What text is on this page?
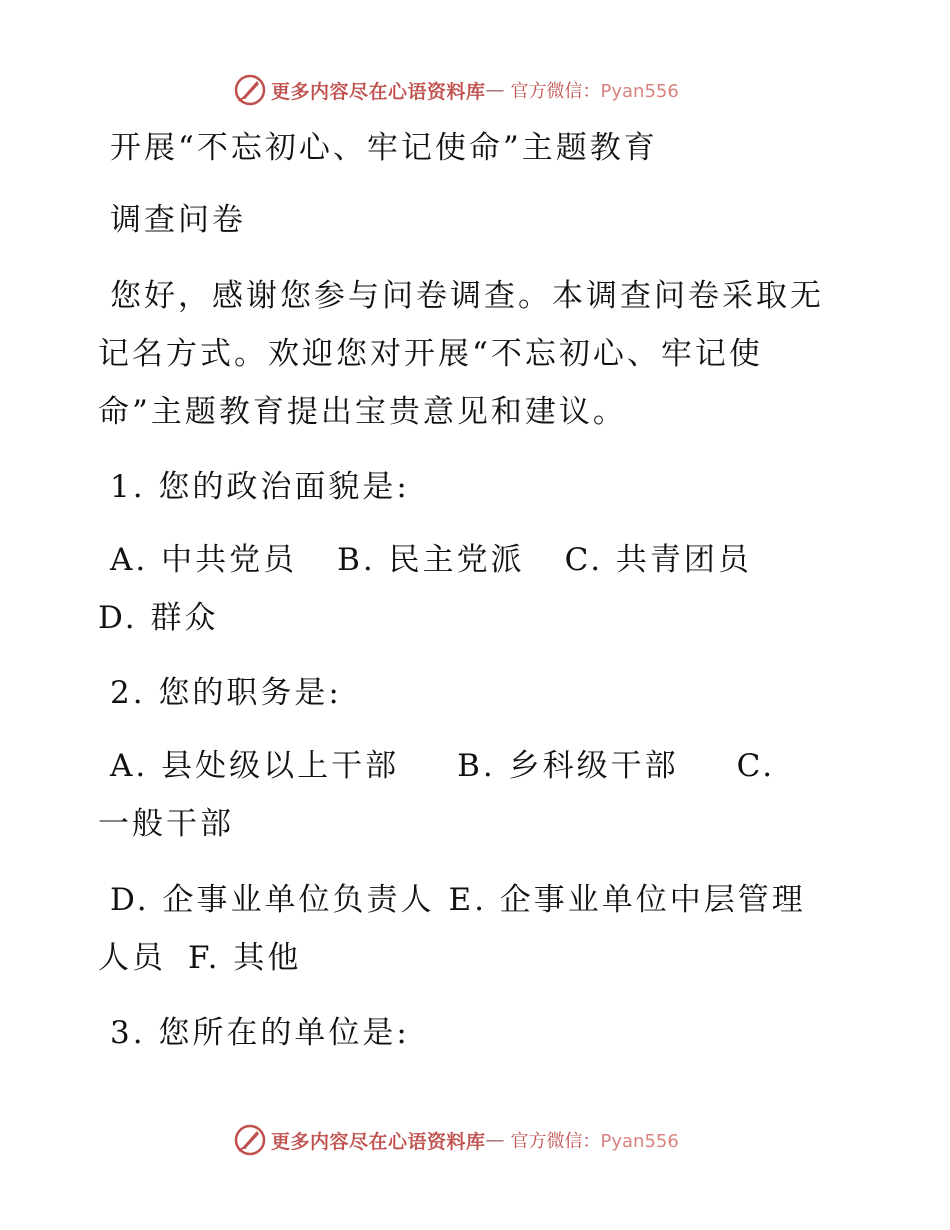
更多内容尽在心语资料库 — 官方微信：Pyan556
开展“不忘初心、牢记使命”主题教育
调查问卷
您好，感谢您参与问卷调查。本调查问卷采取无
记名方式。欢迎您对开展“不忘初心、牢记使
命”主题教育提出宝贵意见和建议。
1. 您的政治面貌是:
A. 中共党员 B. 民主党派 C. 共青团员
D. 群众
2. 您的职务是:
A. 县处级以上干部 B. 乡科级干部 C.
一般干部
D. 企事业单位负责人 E. 企事业单位中层管理
人员 F. 其他
3. 您所在的单位是:
更多内容尽在心语资料库 — 官方微信：Pyan556
